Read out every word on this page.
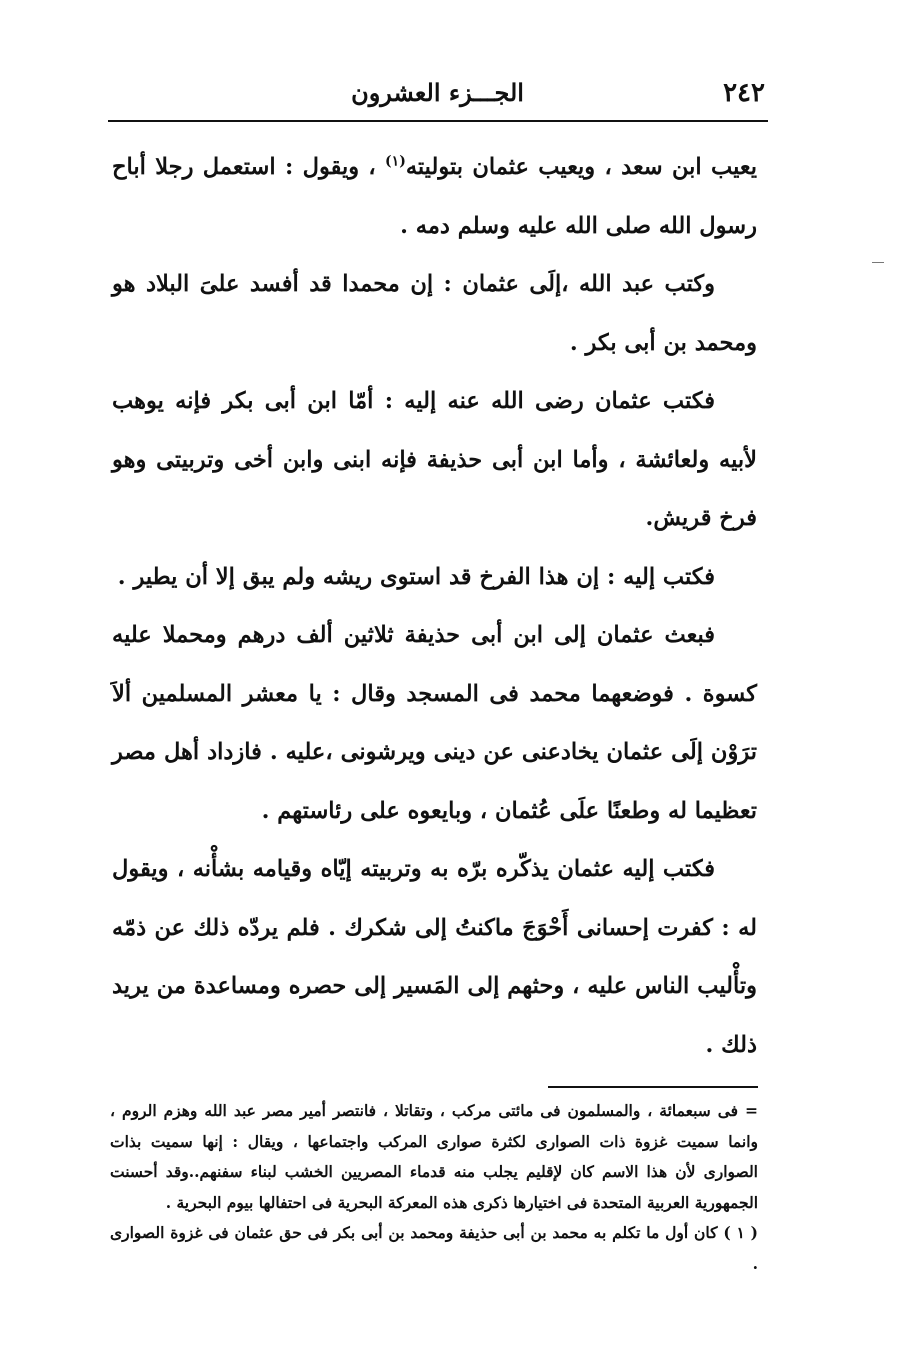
٢٤٢
الجـــزء العشرون

يعيب ابن سعد ، ويعيب عثمان بتوليته$^{(١)}$ ، ويقول : استعمل رجلا أباح رسول الله صلى الله عليه وسلم دمه .

وكتب عبد الله ،إلَى عثمان : إن محمدا قد أفسد علىَ البلاد هو ومحمد بن أبى بكر .

فكتب عثمان رضى الله عنه إليه : أمّا ابن أبى بكر فإنه يوهب لأبيه ولعائشة ، وأما ابن أبى حذيفة فإنه ابنى وابن أخى وتربيتى وهو فرخ قريش.

فكتب إليه : إن هذا الفرخ قد استوى ريشه ولم يبق إلا أن يطير .

فبعث عثمان إلى ابن أبى حذيفة ثلاثين ألف درهم ومحملا عليه كسوة . فوضعهما محمد فى المسجد وقال : يا معشر المسلمين ألاَ ترَوْن إلَى عثمان يخادعنى عن دينى ويرشونى ،عليه . فازداد أهل مصر تعظيما له وطعنًا علَى عُثمان ، وبايعوه على رئاستهم .

فكتب إليه عثمان يذكّره برّه به وتربيته إيّاه وقيامه بشأْنه ، ويقول له : كفرت إحسانى أَحْوَجَ ماكنتُ إلى شكرك . فلم يردّه ذلك عن ذمّه وتأْليب الناس عليه ، وحثهم إلى المَسير إلى حصره ومساعدة من يريد ذلك .

= فى سبعمائة ، والمسلمون فى مائتى مركب ، وتقاتلا ، فانتصر أمير مصر عبد الله وهزم الروم ، وانما سميت غزوة ذات الصوارى لكثرة صوارى المركب واجتماعها ، ويقال : إنها سميت بذات الصوارى لأن هذا الاسم كان لإقليم يجلب منه قدماء المصريين الخشب لبناء سفنهم..وقد أحسنت الجمهورية العربية المتحدة فى اختيارها ذكرى هذه المعركة البحرية فى احتفالها بيوم البحرية .

( ١ ) كان أول ما تكلم به محمد بن أبى حذيفة ومحمد بن أبى بكر فى حق عثمان فى غزوة الصوارى .
